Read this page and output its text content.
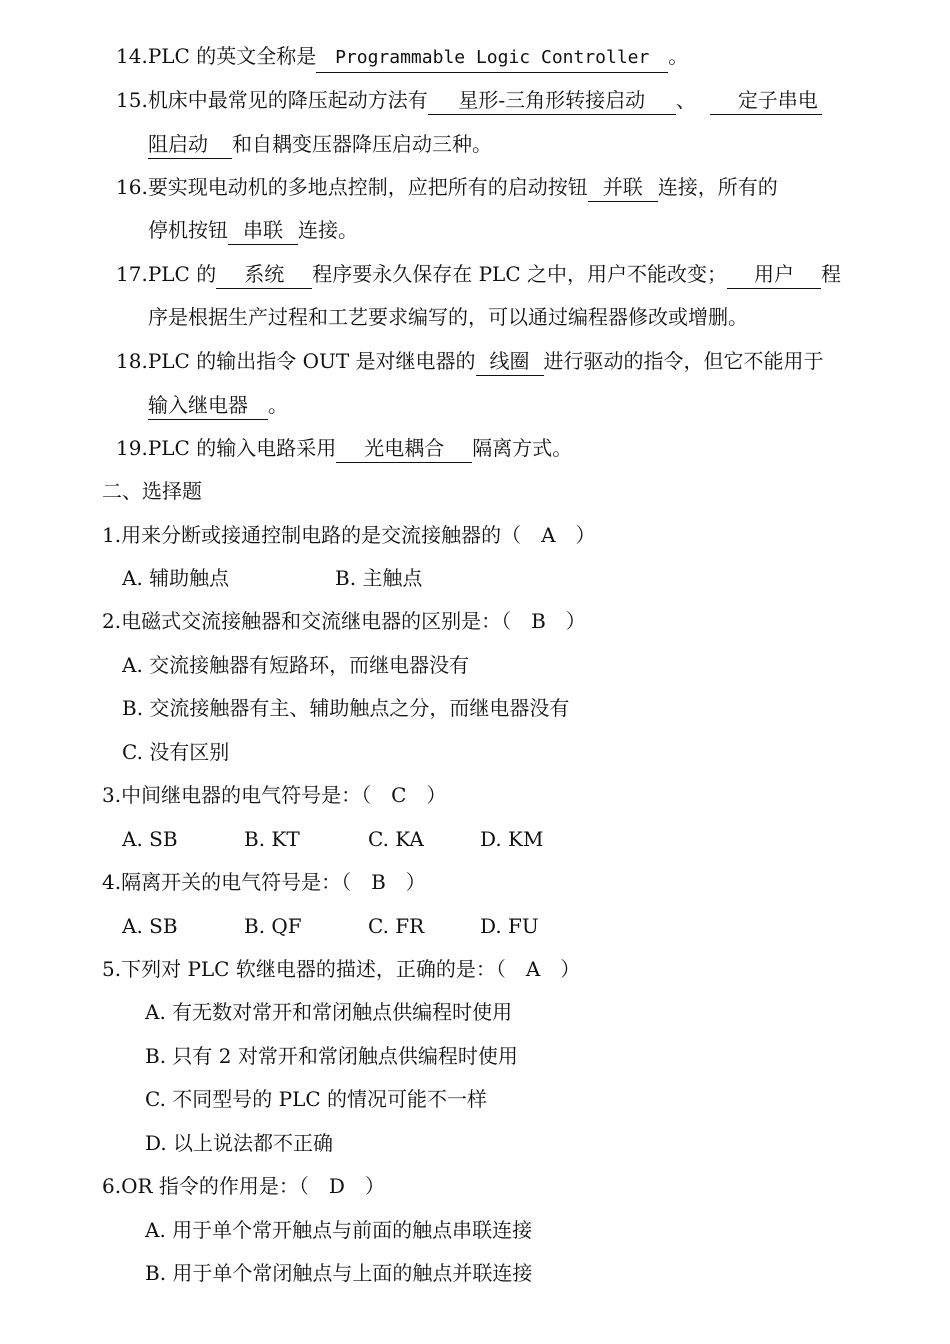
14.PLC 的英文全称是 Programmable Logic Controller 。
15.机床中最常见的降压起动方法有 星形-三角形转接启动 、 定子串电
阻启动 和自耦变压器降压启动三种。
16.要实现电动机的多地点控制，应把所有的启动按钮 并联 连接，所有的
停机按钮 串联 连接。
17.PLC 的 系统 程序要永久保存在 PLC 之中，用户不能改变； 用户 程
序是根据生产过程和工艺要求编写的，可以通过编程器修改或增删。
18.PLC 的输出指令 OUT 是对继电器的 线圈 进行驱动的指令，但它不能用于
输入继电器 。
19.PLC 的输入电路采用 光电耦合 隔离方式。
二、选择题
1.用来分断或接通控制电路的是交流接触器的（　A　）
A. 辅助触点	B. 主触点
2.电磁式交流接触器和交流继电器的区别是：（　B　）
A. 交流接触器有短路环，而继电器没有
B. 交流接触器有主、辅助触点之分，而继电器没有
C. 没有区别
3.中间继电器的电气符号是：（　C　）
A. SB	B. KT	C. KA	D. KM
4.隔离开关的电气符号是：（　B　）
A. SB	B. QF	C. FR	D. FU
5.下列对 PLC 软继电器的描述，正确的是：（　A　）
A. 有无数对常开和常闭触点供编程时使用
B. 只有 2 对常开和常闭触点供编程时使用
C. 不同型号的 PLC 的情况可能不一样
D. 以上说法都不正确
6.OR 指令的作用是：（　D　）
A. 用于单个常开触点与前面的触点串联连接
B. 用于单个常闭触点与上面的触点并联连接
